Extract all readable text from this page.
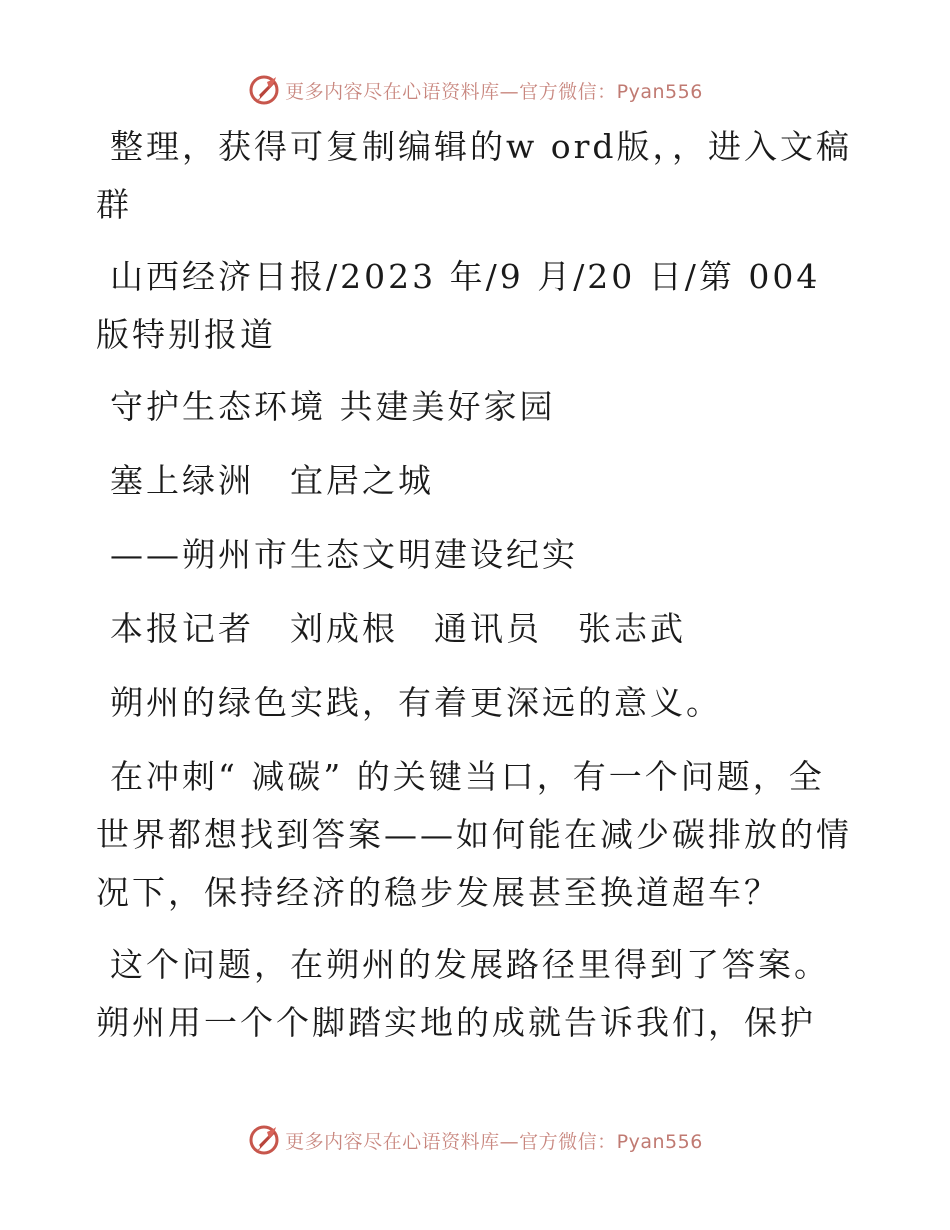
更多内容尽在心语资料库—官方微信：Pyan556

整理，获得可复制编辑的w ord版，，进入文稿群

山西经济日报/2023 年/9 月/20 日/第 004 版特别报道

守护生态环境 共建美好家园

塞上绿洲　宜居之城

——朔州市生态文明建设纪实

本报记者　刘成根　通讯员　张志武

朔州的绿色实践，有着更深远的意义。

在冲刺“ 减碳” 的关键当口，有一个问题，全世界都想找到答案——如何能在减少碳排放的情况下，保持经济的稳步发展甚至换道超车？

这个问题，在朔州的发展路径里得到了答案。朔州用一个个脚踏实地的成就告诉我们，保护

更多内容尽在心语资料库—官方微信：Pyan556
